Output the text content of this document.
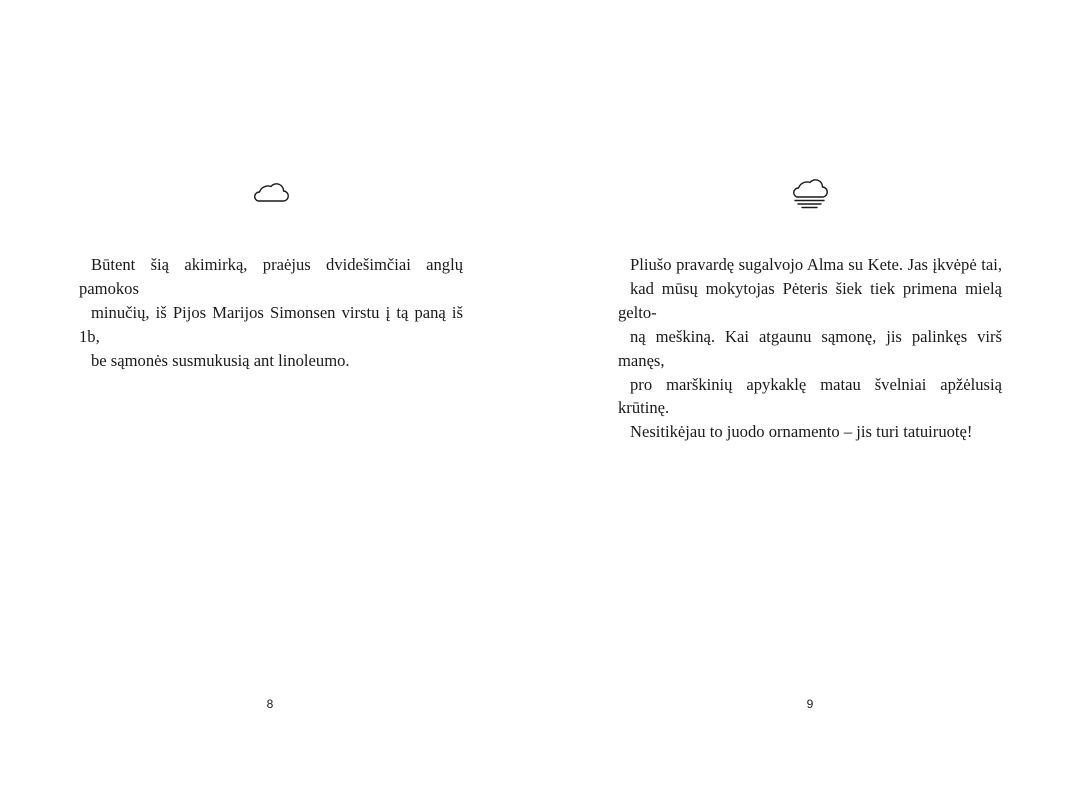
Būtent šią akimirką, praėjus dvidešimčiai anglų pamokos
minučių, iš Pijos Marijos Simonsen virstu į tą paną iš 1b,
be sąmonės susmukusią ant linoleumo.

8

Pliušo pravardę sugalvojo Alma su Kete. Jas įkvėpė tai,
kad mūsų mokytojas Pėteris šiek tiek primena mielą gelto-
ną meškiną. Kai atgaunu sąmonę, jis palinkęs virš manęs,
pro marškinių apykaklę matau švelniai apžėlusią krūtinę.
Nesitikėjau to juodo ornamento – jis turi tatuiruotę!

9
